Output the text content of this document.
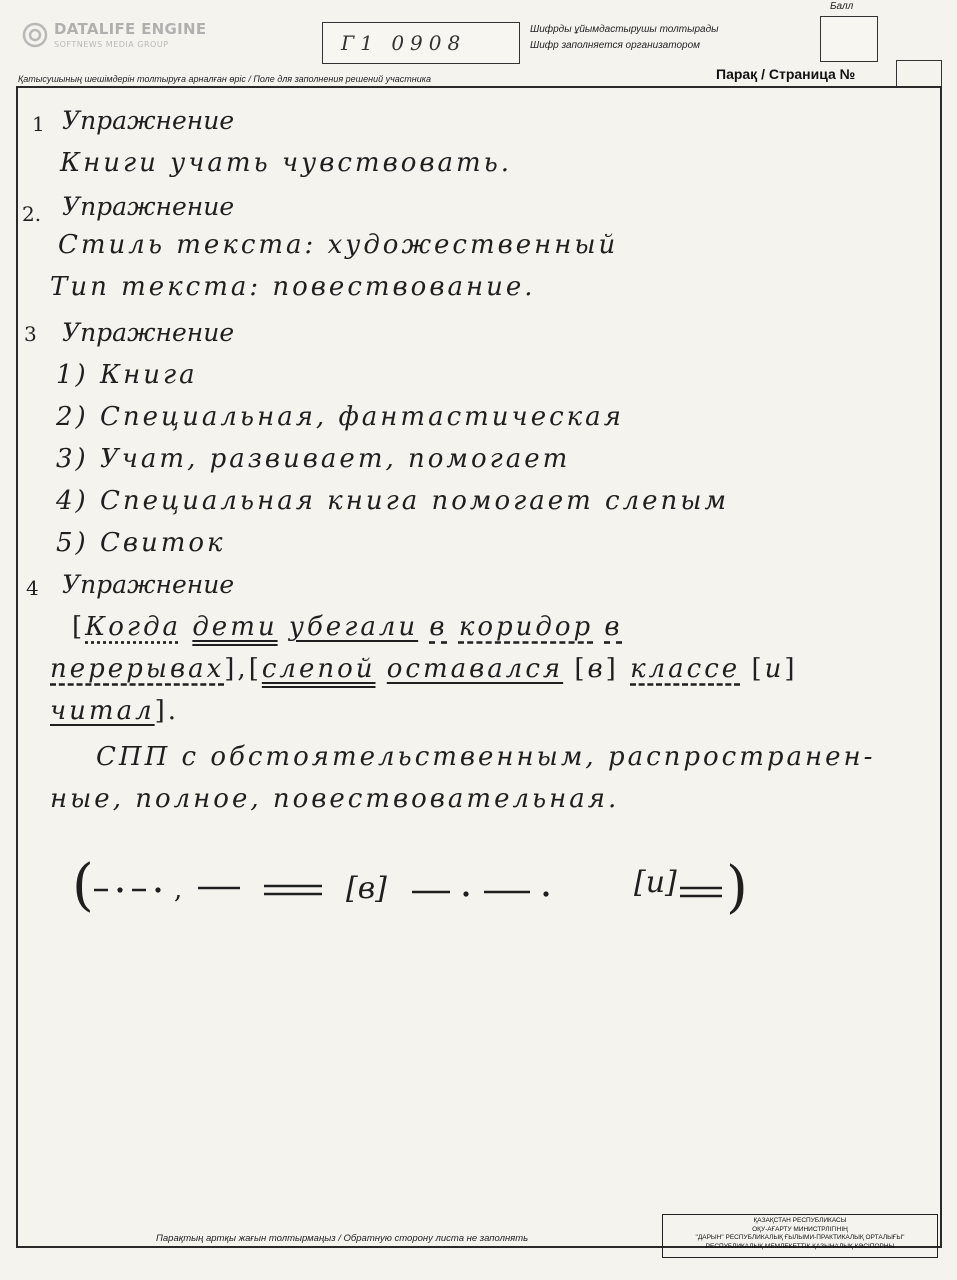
DATALIFE ENGINE
SOFTNEWS MEDIA GROUP	Г1 0908
Шифрды ұйымдастырушы толтырады
Шифр заполняется организатором
Балл
Қатысушының шешімдерін толтыруға арналған өріс / Поле для заполнения решений участника	Парақ / Страница №
1 Упражнение
Книги учать чувствовать.
2. Упражнение
Стиль текста: художественный
Тип текста: повествование.
3 Упражнение
1) Книга
2) Специальная, фантастическая
3) Учат, развивает, помогает
4) Специальная книга помогает слепым
5) Свиток
4 Упражнение
[Когда дети убегали в коридор в
перерывах],[слепой оставался [в] классе [и]
читал].
СПП с обстоятельственным, распространен-
ные, полное, повествовательная.
(	,	[в]	[и] )
Парақтың артқы жағын толтырмаңыз / Обратную сторону листа не заполнять
ҚАЗАҚСТАН РЕСПУБЛИКАСЫ
ОҚУ-АҒАРТУ МИНИСТРЛІГІНІҢ
"ДАРЫН" РЕСПУБЛИКАЛЫҚ ҒЫЛЫМИ-ПРАКТИКАЛЫҚ ОРТАЛЫҒЫ"
РЕСПУБЛИКАЛЫҚ МЕМЛЕКЕТТІК ҚАЗЫНАЛЫҚ КӘСІПОРНЫ
